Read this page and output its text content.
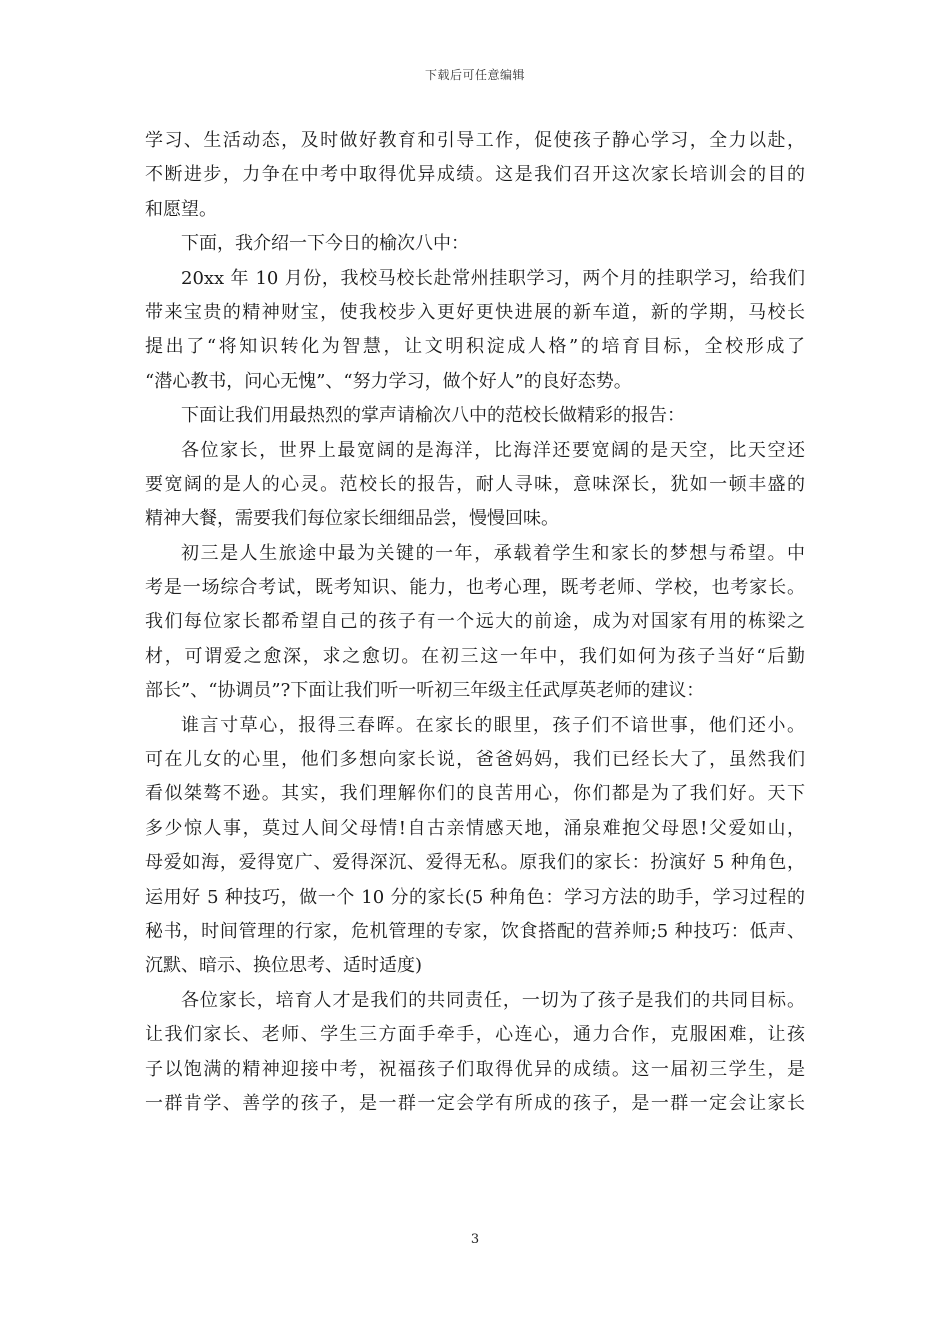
下载后可任意编辑
学习、生活动态，及时做好教育和引导工作，促使孩子静心学习，全力以赴，
不断进步，力争在中考中取得优异成绩。这是我们召开这次家长培训会的目的
和愿望。
下面，我介绍一下今日的榆次八中：
20xx 年 10 月份，我校马校长赴常州挂职学习，两个月的挂职学习，给我们
带来宝贵的精神财宝，使我校步入更好更快进展的新车道，新的学期，马校长
提出了“将知识转化为智慧，让文明积淀成人格”的培育目标，全校形成了
“潜心教书，问心无愧”、“努力学习，做个好人”的良好态势。
下面让我们用最热烈的掌声请榆次八中的范校长做精彩的报告：
各位家长，世界上最宽阔的是海洋，比海洋还要宽阔的是天空，比天空还
要宽阔的是人的心灵。范校长的报告，耐人寻味，意味深长，犹如一顿丰盛的
精神大餐，需要我们每位家长细细品尝，慢慢回味。
初三是人生旅途中最为关键的一年，承载着学生和家长的梦想与希望。中
考是一场综合考试，既考知识、能力，也考心理，既考老师、学校，也考家长。
我们每位家长都希望自己的孩子有一个远大的前途，成为对国家有用的栋梁之
材，可谓爱之愈深，求之愈切。在初三这一年中，我们如何为孩子当好“后勤
部长”、“协调员”?下面让我们听一听初三年级主任武厚英老师的建议：
谁言寸草心，报得三春晖。在家长的眼里，孩子们不谙世事，他们还小。
可在儿女的心里，他们多想向家长说，爸爸妈妈，我们已经长大了，虽然我们
看似桀骜不逊。其实，我们理解你们的良苦用心，你们都是为了我们好。天下
多少惊人事，莫过人间父母情!自古亲情感天地，涌泉难抱父母恩!父爱如山，
母爱如海，爱得宽广、爱得深沉、爱得无私。原我们的家长：扮演好 5 种角色，
运用好 5 种技巧，做一个 10 分的家长(5 种角色：学习方法的助手，学习过程的
秘书，时间管理的行家，危机管理的专家，饮食搭配的营养师;5 种技巧：低声、
沉默、暗示、换位思考、适时适度)
各位家长，培育人才是我们的共同责任，一切为了孩子是我们的共同目标。
让我们家长、老师、学生三方面手牵手，心连心，通力合作，克服困难，让孩
子以饱满的精神迎接中考，祝福孩子们取得优异的成绩。这一届初三学生，是
一群肯学、善学的孩子，是一群一定会学有所成的孩子，是一群一定会让家长
3
